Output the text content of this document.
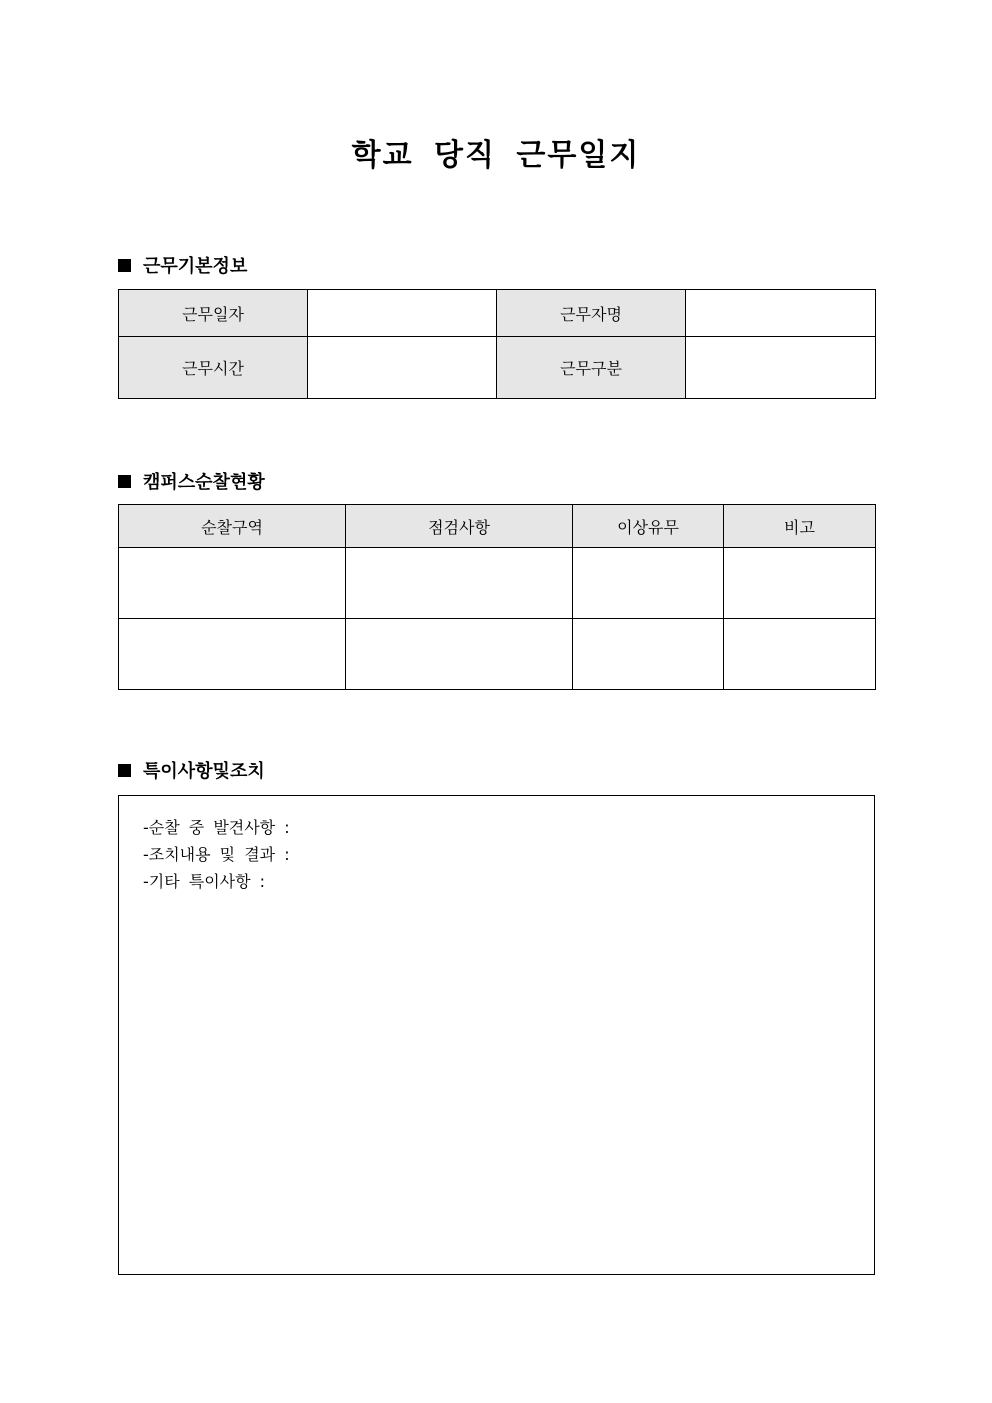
학교 당직 근무일지
근무기본정보
근무일자		근무자명	
근무시간		근무구분	
캠퍼스순찰현황
순찰구역	점검사항	이상유무	비고

특이사항및조치
-순찰 중 발견사항 :
-조치내용 및 결과 :
-기타 특이사항 :
